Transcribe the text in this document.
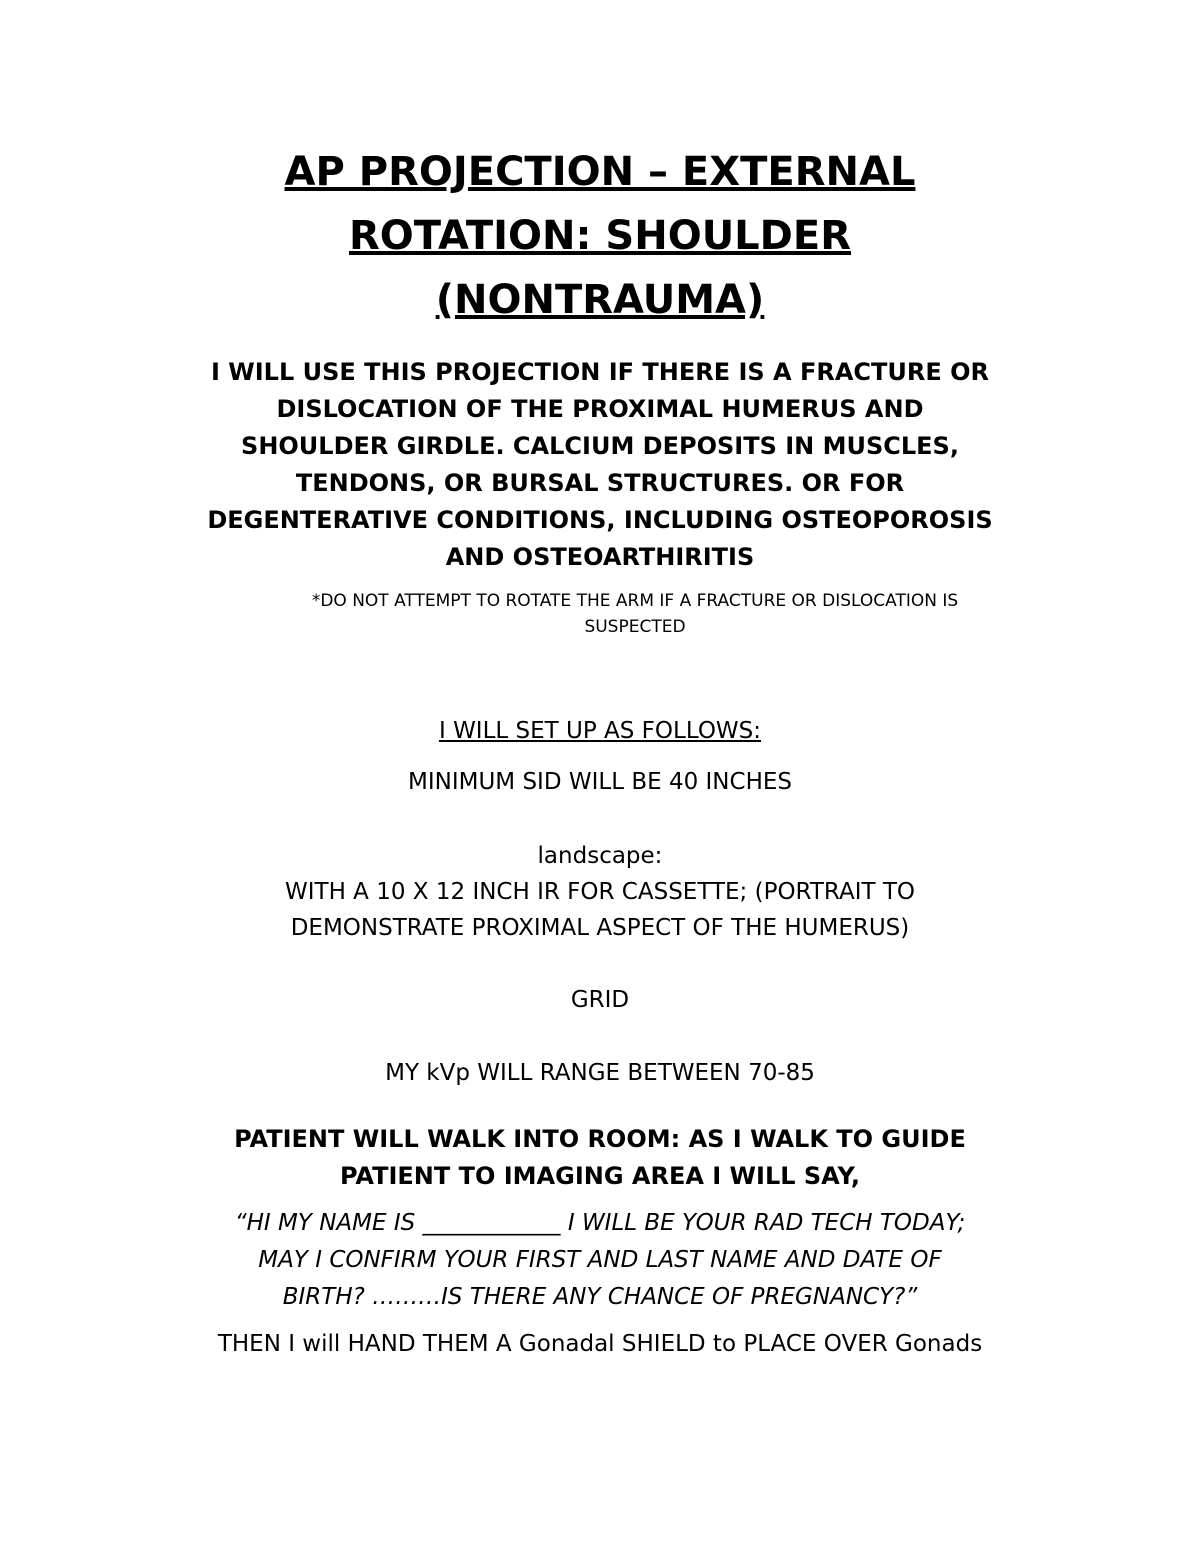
AP PROJECTION – EXTERNAL
ROTATION: SHOULDER
(NONTRAUMA)

I WILL USE THIS PROJECTION IF THERE IS A FRACTURE OR
DISLOCATION OF THE PROXIMAL HUMERUS AND
SHOULDER GIRDLE. CALCIUM DEPOSITS IN MUSCLES,
TENDONS, OR BURSAL STRUCTURES. OR FOR
DEGENTERATIVE CONDITIONS, INCLUDING OSTEOPOROSIS
AND OSTEOARTHIRITIS

*DO NOT ATTEMPT TO ROTATE THE ARM IF A FRACTURE OR DISLOCATION IS
SUSPECTED

I WILL SET UP AS FOLLOWS:

MINIMUM SID WILL BE 40 INCHES

landscape:

WITH A 10 X 12 INCH IR FOR CASSETTE; (PORTRAIT TO

DEMONSTRATE PROXIMAL ASPECT OF THE HUMERUS)

GRID

MY kVp WILL RANGE BETWEEN 70-85

PATIENT WILL WALK INTO ROOM: AS I WALK TO GUIDE
PATIENT TO IMAGING AREA I WILL SAY,

“HI MY NAME IS ____________ I WILL BE YOUR RAD TECH TODAY;
MAY I CONFIRM YOUR FIRST AND LAST NAME AND DATE OF
BIRTH? ………IS THERE ANY CHANCE OF PREGNANCY?”

THEN I will HAND THEM A Gonadal SHIELD to PLACE OVER Gonads
